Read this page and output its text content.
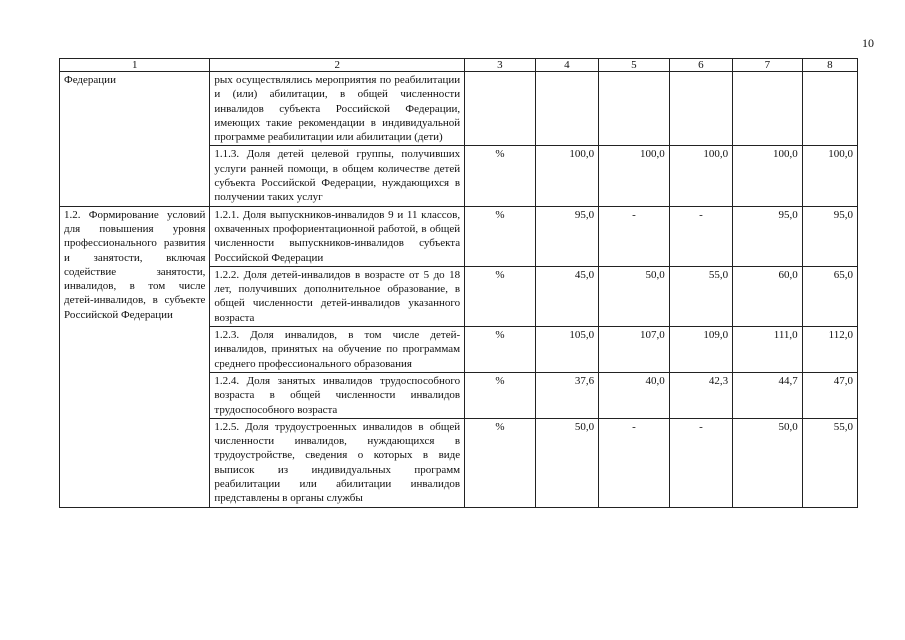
10
1	2	3	4	5	6	7	8
Федерации	рых осуществлялись мероприятия по реабилитации и (или) абилитации, в общей численности инвалидов субъекта Российской Федерации, имеющих такие рекомендации в индивидуальной программе реабилитации или абилитации (дети)						
	1.1.3. Доля детей целевой группы, получивших услуги ранней помощи, в общем количестве детей субъекта Российской Федерации, нуждающихся в получении таких услуг	%	100,0	100,0	100,0	100,0	100,0
1.2. Формирование условий для повышения уровня профессионального развития и занятости, включая содействие занятости, инвалидов, в том числе детей-инвалидов, в субъекте Российской Федерации	1.2.1. Доля выпускников-инвалидов 9 и 11 классов, охваченных профориентационной работой, в общей численности выпускников-инвалидов субъекта Российской Федерации	%	95,0	-	-	95,0	95,0
	1.2.2. Доля детей-инвалидов в возрасте от 5 до 18 лет, получивших дополнительное образование, в общей численности детей-инвалидов указанного возраста	%	45,0	50,0	55,0	60,0	65,0
	1.2.3. Доля инвалидов, в том числе детей-инвалидов, принятых на обучение по программам среднего профессионального образования	%	105,0	107,0	109,0	111,0	112,0
	1.2.4. Доля занятых инвалидов трудоспособного возраста в общей численности инвалидов трудоспособного возраста	%	37,6	40,0	42,3	44,7	47,0
	1.2.5. Доля трудоустроенных инвалидов в общей численности инвалидов, нуждающихся в трудоустройстве, сведения о которых в виде выписок из индивидуальных программ реабилитации или абилитации инвалидов представлены в органы службы	%	50,0	-	-	50,0	55,0
